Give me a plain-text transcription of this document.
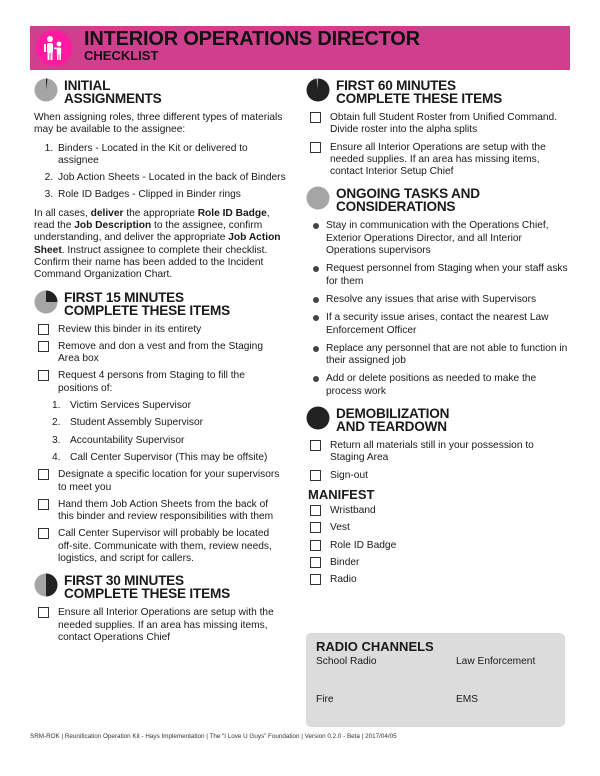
INTERIOR OPERATIONS DIRECTOR
CHECKLIST
INITIAL
ASSIGNMENTS

When assigning roles, three different types of materials may be available to the assignee:

1. Binders - Located in the Kit or delivered to assignee
2. Job Action Sheets - Located in the back of Binders
3. Role ID Badges - Clipped in Binder rings

In all cases, deliver the appropriate Role ID Badge, read the Job Description to the assignee, confirm understanding, and deliver the appropriate Job Action Sheet. Instruct assignee to complete their checklist. Confirm their name has been added to the Incident Command Organization Chart.

FIRST 15 MINUTES
COMPLETE THESE ITEMS
Review this binder in its entirety
Remove and don a vest and from the Staging Area box
Request 4 persons from Staging to fill the positions of:
1. Victim Services Supervisor
2. Student Assembly Supervisor
3. Accountability Supervisor
4. Call Center Supervisor (This may be offsite)
Designate a specific location for your supervisors to meet you
Hand them Job Action Sheets from the back of this binder and review responsibilities with them
Call Center Supervisor will probably be located off-site. Communicate with them, review needs, logistics, and script for callers.
FIRST 30 MINUTES
COMPLETE THESE ITEMS
Ensure all Interior Operations are setup with the needed supplies. If an area has missing items, contact Operations Chief
FIRST 60 MINUTES
COMPLETE THESE ITEMS
Obtain full Student Roster from Unified Command. Divide roster into the alpha splits
Ensure all Interior Operations are setup with the needed supplies. If an area has missing items, contact Interior Setup Chief
ONGOING TASKS AND
CONSIDERATIONS
Stay in communication with the Operations Chief, Exterior Operations Director, and all Interior Operations supervisors
Request personnel from Staging when your staff asks for them
Resolve any issues that arise with Supervisors
If a security issue arises, contact the nearest Law Enforcement Officer
Replace any personnel that are not able to function in their assigned job
Add or delete positions as needed to make the process work
DEMOBILIZATION
AND TEARDOWN
Return all materials still in your possession to Staging Area
Sign-out
MANIFEST
Wristband
Vest
Role ID Badge
Binder
Radio
RADIO CHANNELS
School Radio	Law Enforcement
Fire	EMS
SRM-ROK | Reunification Operation Kit - Hays Implementation | The “I Love U Guys” Foundation | Version 0.2.0 - Beta | 2017/04/05
